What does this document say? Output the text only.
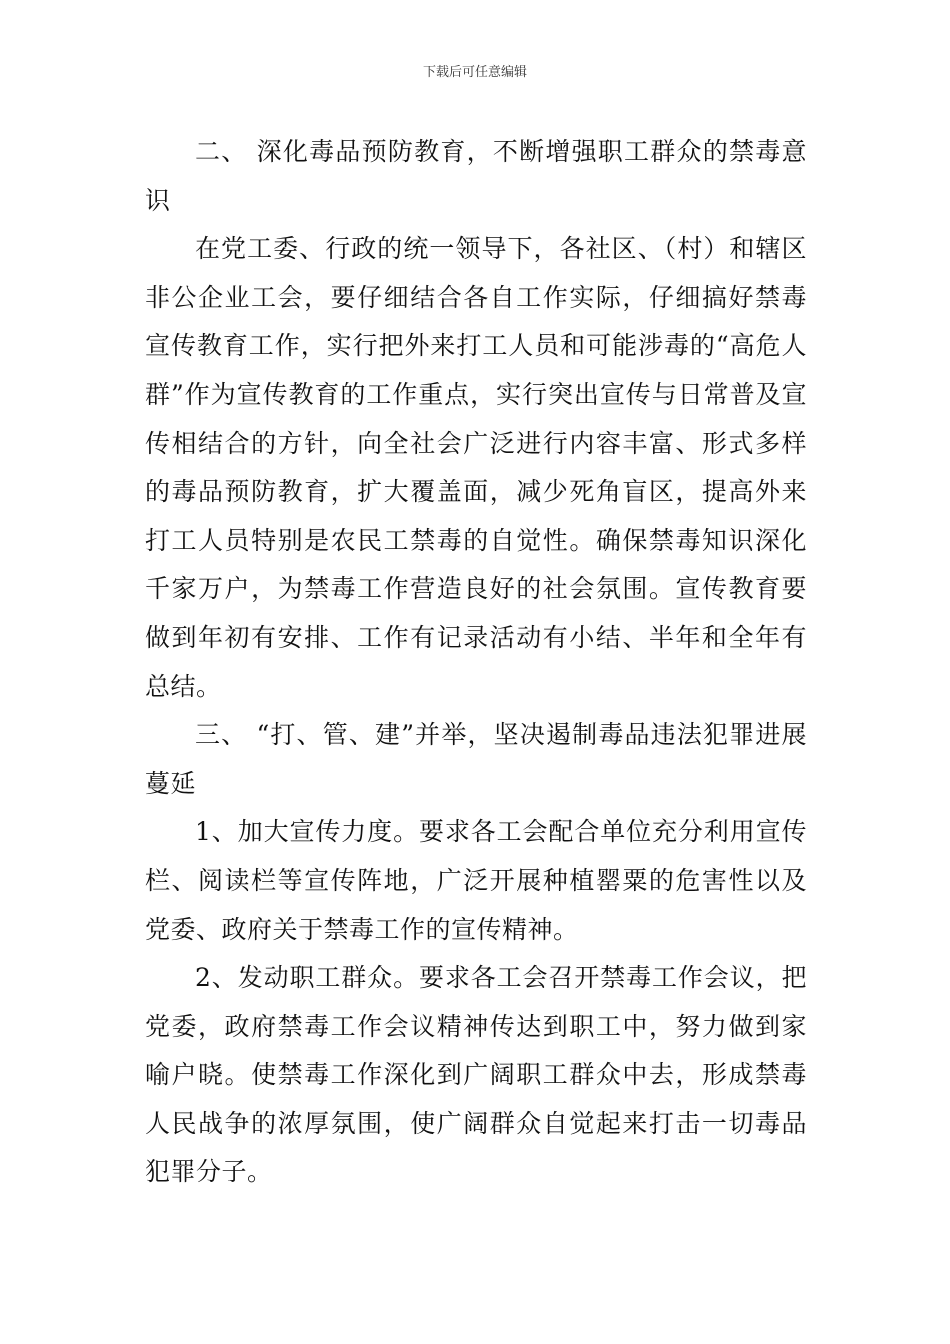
下载后可任意编辑

二、 深化毒品预防教育，不断增强职工群众的禁毒意识

在党工委、行政的统一领导下，各社区、（村）和辖区非公企业工会，要仔细结合各自工作实际，仔细搞好禁毒宣传教育工作，实行把外来打工人员和可能涉毒的“高危人群”作为宣传教育的工作重点，实行突出宣传与日常普及宣传相结合的方针，向全社会广泛进行内容丰富、形式多样的毒品预防教育，扩大覆盖面，减少死角盲区，提高外来打工人员特别是农民工禁毒的自觉性。确保禁毒知识深化千家万户，为禁毒工作营造良好的社会氛围。宣传教育要做到年初有安排、工作有记录活动有小结、半年和全年有总结。

三、 “打、管、建”并举，坚决遏制毒品违法犯罪进展蔓延

1、加大宣传力度。要求各工会配合单位充分利用宣传栏、阅读栏等宣传阵地，广泛开展种植罂粟的危害性以及党委、政府关于禁毒工作的宣传精神。

2、发动职工群众。要求各工会召开禁毒工作会议，把党委，政府禁毒工作会议精神传达到职工中，努力做到家喻户晓。使禁毒工作深化到广阔职工群众中去，形成禁毒人民战争的浓厚氛围，使广阔群众自觉起来打击一切毒品犯罪分子。
